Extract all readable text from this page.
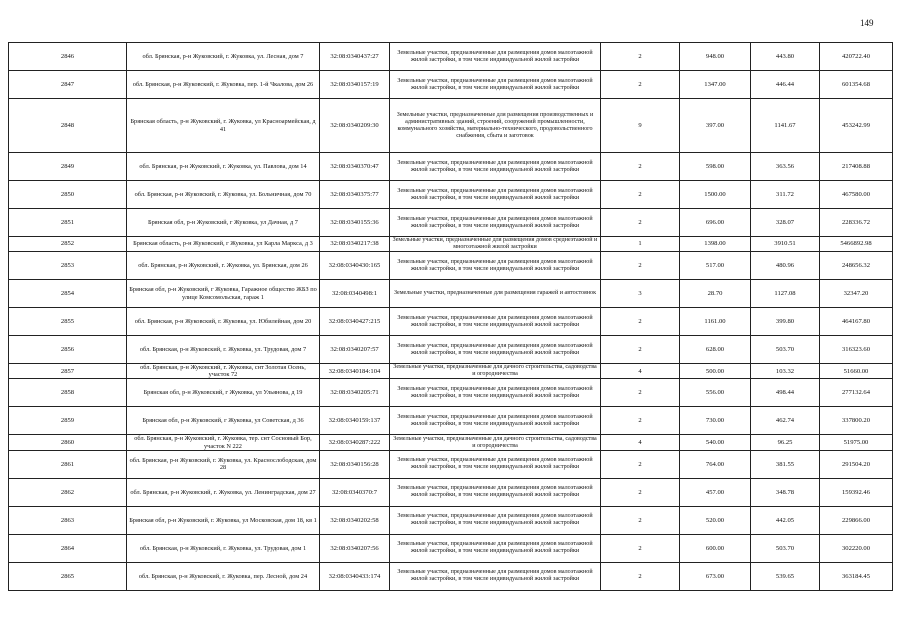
149
2846	обл. Брянская, р-н Жуковский, г. Жуковка, ул. Лесная, дом 7	32:08:0340437:27	Земельные участки, предназначенные для размещения домов малоэтажной жилой застройки, в том числе индивидуальной жилой застройки	2	948.00	443.80	420722.40
2847	обл. Брянская, р-н Жуковский, г. Жуковка, пер. 1-й Чкалова, дом 26	32:08:0340157:19	Земельные участки, предназначенные для размещения домов малоэтажной жилой застройки, в том числе индивидуальной жилой застройки	2	1347.00	446.44	601354.68
2848	Брянская область, р-н Жуковский, г. Жуковка, ул Красноармейская, д 41	32:08:0340209:30	Земельные участки, предназначенные для размещения производственных и административных зданий, строений, сооружений промышленности, коммунального хозяйства, материально-технического, продовольственного снабжения, сбыта и заготовок	9	397.00	1141.67	453242.99
2849	обл. Брянская, р-н Жуковский, г. Жуковка, ул. Павлова, дом 14	32:08:0340370:47	Земельные участки, предназначенные для размещения домов малоэтажной жилой застройки, в том числе индивидуальной жилой застройки	2	598.00	363.56	217408.88
2850	обл. Брянская, р-н Жуковский, г. Жуковка, ул. Больничная, дом 70	32:08:0340375:77	Земельные участки, предназначенные для размещения домов малоэтажной жилой застройки, в том числе индивидуальной жилой застройки	2	1500.00	311.72	467580.00
2851	Брянская обл, р-н Жуковский, г Жуковка, ул Дачная, д 7	32:08:0340155:36	Земельные участки, предназначенные для размещения домов малоэтажной жилой застройки, в том числе индивидуальной жилой застройки	2	696.00	328.07	228336.72
2852	Брянская область, р-н Жуковский, г Жуковка, ул Карла Маркса, д 3	32:08:0340217:38	Земельные участки, предназначенные для размещения домов среднеэтажной и многоэтажной жилой застройки	1	1398.00	3910.51	5466892.98
2853	обл. Брянская, р-н Жуковский, г. Жуковка, ул. Брянская, дом 26	32:08:0340430:165	Земельные участки, предназначенные для размещения домов малоэтажной жилой застройки, в том числе индивидуальной жилой застройки	2	517.00	480.96	248656.32
2854	Брянская обл, р-н Жуковский, г Жуковка, Гаражное общество ЖБЗ по улице Комсомольская, гараж 1	32:08:0340498:1	Земельные участки, предназначенные для размещения гаражей и автостоянок	3	28.70	1127.08	32347.20
2855	обл. Брянская, р-н Жуковский, г. Жуковка, ул. Юбилейная, дом 20	32:08:0340427:215	Земельные участки, предназначенные для размещения домов малоэтажной жилой застройки, в том числе индивидуальной жилой застройки	2	1161.00	399.80	464167.80
2856	обл. Брянская, р-н Жуковский, г. Жуковка, ул. Трудовая, дом 7	32:08:0340207:57	Земельные участки, предназначенные для размещения домов малоэтажной жилой застройки, в том числе индивидуальной жилой застройки	2	628.00	503.70	316323.60
2857	обл. Брянская, р-н Жуковский, г. Жуковка, снт Золотая Осень, участок 72	32:08:0340184:104	Земельные участки, предназначенные для дачного строительства, садоводства и огородничества	4	500.00	103.32	51660.00
2858	Брянская обл, р-н Жуковский, г Жуковка, ул Ульянова, д 19	32:08:0340205:71	Земельные участки, предназначенные для размещения домов малоэтажной жилой застройки, в том числе индивидуальной жилой застройки	2	556.00	498.44	277132.64
2859	Брянская обл, р-н Жуковский, г Жуковка, ул Советская, д 36	32:08:0340159:137	Земельные участки, предназначенные для размещения домов малоэтажной жилой застройки, в том числе индивидуальной жилой застройки	2	730.00	462.74	337800.20
2860	обл. Брянская, р-н Жуковский, г. Жуковка, тер. снт Сосновый Бор, участок N 222	32:08:0340287:222	Земельные участки, предназначенные для дачного строительства, садоводства и огородничества	4	540.00	96.25	51975.00
2861	обл. Брянская, р-н Жуковский, г. Жуковка, ул. Краснослободская, дом 28	32:08:0340156:28	Земельные участки, предназначенные для размещения домов малоэтажной жилой застройки, в том числе индивидуальной жилой застройки	2	764.00	381.55	291504.20
2862	обл. Брянская, р-н Жуковский, г. Жуковка, ул. Ленинградская, дом 27	32:08:0340370:7	Земельные участки, предназначенные для размещения домов малоэтажной жилой застройки, в том числе индивидуальной жилой застройки	2	457.00	348.78	159392.46
2863	Брянская обл, р-н Жуковский, г. Жуковка, ул Московская, дом 18, кв 1	32:08:0340202:58	Земельные участки, предназначенные для размещения домов малоэтажной жилой застройки, в том числе индивидуальной жилой застройки	2	520.00	442.05	229866.00
2864	обл. Брянская, р-н Жуковский, г. Жуковка, ул. Трудовая, дом 1	32:08:0340207:56	Земельные участки, предназначенные для размещения домов малоэтажной жилой застройки, в том числе индивидуальной жилой застройки	2	600.00	503.70	302220.00
2865	обл. Брянская, р-н Жуковский, г. Жуковка, пер. Лесной, дом 24	32:08:0340433:174	Земельные участки, предназначенные для размещения домов малоэтажной жилой застройки, в том числе индивидуальной жилой застройки	2	673.00	539.65	363184.45
